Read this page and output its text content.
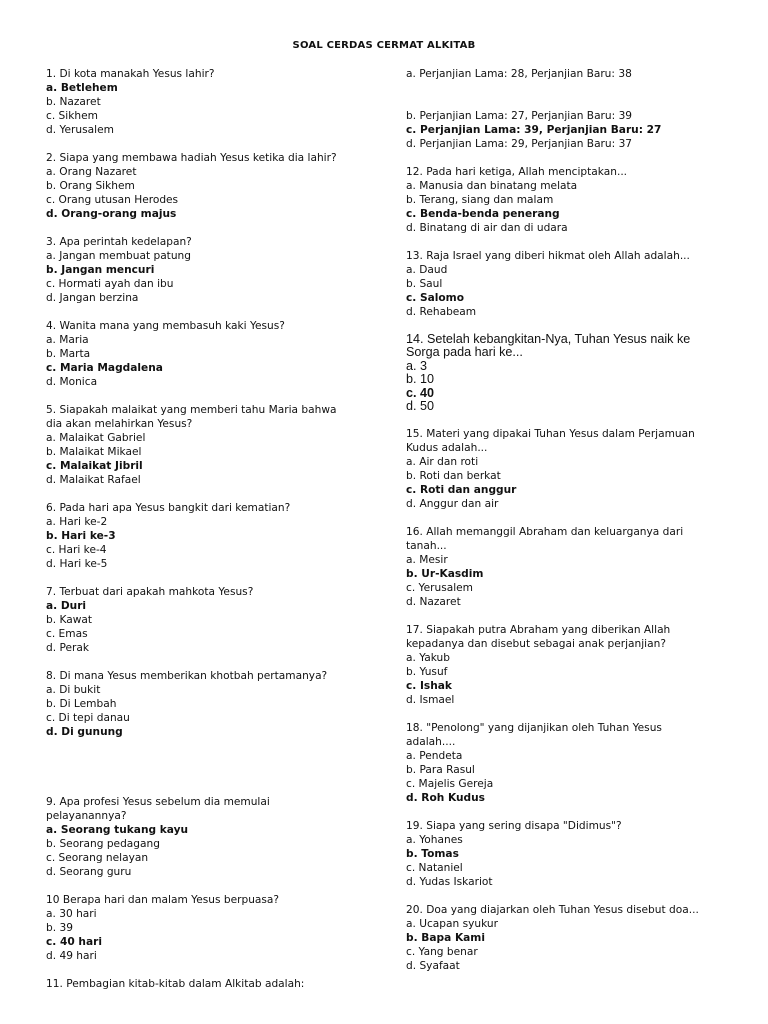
SOAL CERDAS CERMAT ALKITAB
1. Di kota manakah Yesus lahir?
a. Betlehem
b. Nazaret
c. Sikhem
d. Yerusalem
2. Siapa yang membawa hadiah Yesus ketika dia lahir?
a. Orang Nazaret
b. Orang Sikhem
c. Orang utusan Herodes
d. Orang-orang majus
3. Apa perintah kedelapan?
a. Jangan membuat patung
b. Jangan mencuri
c. Hormati ayah dan ibu
d. Jangan berzina
4. Wanita mana yang membasuh kaki Yesus?
a. Maria
b. Marta
c. Maria Magdalena
d. Monica
5. Siapakah malaikat yang memberi tahu Maria bahwa
dia akan melahirkan Yesus?
a. Malaikat Gabriel
b. Malaikat Mikael
c. Malaikat Jibril
d. Malaikat Rafael
6. Pada hari apa Yesus bangkit dari kematian?
a. Hari ke-2
b. Hari ke-3
c. Hari ke-4
d. Hari ke-5
7. Terbuat dari apakah mahkota Yesus?
a. Duri
b. Kawat
c. Emas
d. Perak
8. Di mana Yesus memberikan khotbah pertamanya?
a. Di bukit
b. Di Lembah
c. Di tepi danau
d. Di gunung
9. Apa profesi Yesus sebelum dia memulai
pelayanannya?
a. Seorang tukang kayu
b. Seorang pedagang
c. Seorang nelayan
d. Seorang guru
10 Berapa hari dan malam Yesus berpuasa?
a. 30 hari
b. 39
c. 40 hari
d. 49 hari
11. Pembagian kitab-kitab dalam Alkitab adalah:
a. Perjanjian Lama: 28, Perjanjian Baru: 38
b. Perjanjian Lama: 27, Perjanjian Baru: 39
c. Perjanjian Lama: 39, Perjanjian Baru: 27
d. Perjanjian Lama: 29, Perjanjian Baru: 37
12. Pada hari ketiga, Allah menciptakan...
a. Manusia dan binatang melata
b. Terang, siang dan malam
c. Benda-benda penerang
d. Binatang di air dan di udara
13. Raja Israel yang diberi hikmat oleh Allah adalah...
a. Daud
b. Saul
c. Salomo
d. Rehabeam
14. Setelah kebangkitan-Nya, Tuhan Yesus naik ke
Sorga pada hari ke...
a. 3
b. 10
c. 40
d. 50
15. Materi yang dipakai Tuhan Yesus dalam Perjamuan
Kudus adalah...
a. Air dan roti
b. Roti dan berkat
c. Roti dan anggur
d. Anggur dan air
16. Allah memanggil Abraham dan keluarganya dari
tanah...
a. Mesir
b. Ur-Kasdim
c. Yerusalem
d. Nazaret
17. Siapakah putra Abraham yang diberikan Allah
kepadanya dan disebut sebagai anak perjanjian?
a. Yakub
b. Yusuf
c. Ishak
d. Ismael
18. "Penolong" yang dijanjikan oleh Tuhan Yesus
adalah....
a. Pendeta
b. Para Rasul
c. Majelis Gereja
d. Roh Kudus
19. Siapa yang sering disapa "Didimus"?
a. Yohanes
b. Tomas
c. Nataniel
d. Yudas Iskariot
20. Doa yang diajarkan oleh Tuhan Yesus disebut doa...
a. Ucapan syukur
b. Bapa Kami
c. Yang benar
d. Syafaat
